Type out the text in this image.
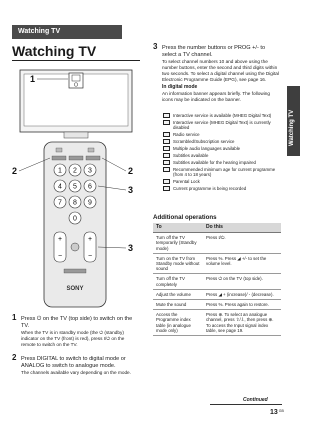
Watching TV
Watching TV
Watching TV
1 2 3
4 5 6
7 8 9
0
+
−
+
−
SONY
1
2	2
3
3
1 Press ⏻ on the TV (top side) to switch on the TV.
When the TV is in standby mode (the ⏻ (standby) indicator on the TV (front) is red), press I/⏻ on the remote to switch on the TV.
2 Press DIGITAL to switch to digital mode or ANALOG to switch to analogue mode.
The channels available vary depending on the mode.
3 Press the number buttons or PROG +/- to select a TV channel.
To select channel numbers 10 and above using the number buttons, enter the second and third digits within two seconds. To select a digital channel using the Digital Electronic Programme Guide (EPG), see page 16.
In digital mode
An information banner appears briefly. The following icons may be indicated on the banner.
Interactive service is available (MHEG Digital Text)
Interactive service (MHEG Digital Text) is currently disabled
Radio service
Scrambled/Subscription service
Multiple audio languages available
Subtitles available
Subtitles available for the hearing impaired
Recommended minimum age for current programme (from 4 to 18 years)
Parental Lock
Current programme is being recorded
Additional operations
To	Do this
Turn off the TV temporarily (Standby mode)	Press I/⏻.
Turn on the TV from Standby mode without sound	Press %. Press ◢ +/- to set the volume level.
Turn off the TV completely	Press ⏻ on the TV (top side).
Adjust the volume	Press ◢ + (increase)/ - (decrease).
Mute the sound	Press %. Press again to restore.
Access the Programme index table (in analogue mode only)	Press ⊕. To select an analogue channel, press ⇧/⇩, then press ⊕. To access the Input signal index table, see page 19.
Continued
$13^{GB}$
